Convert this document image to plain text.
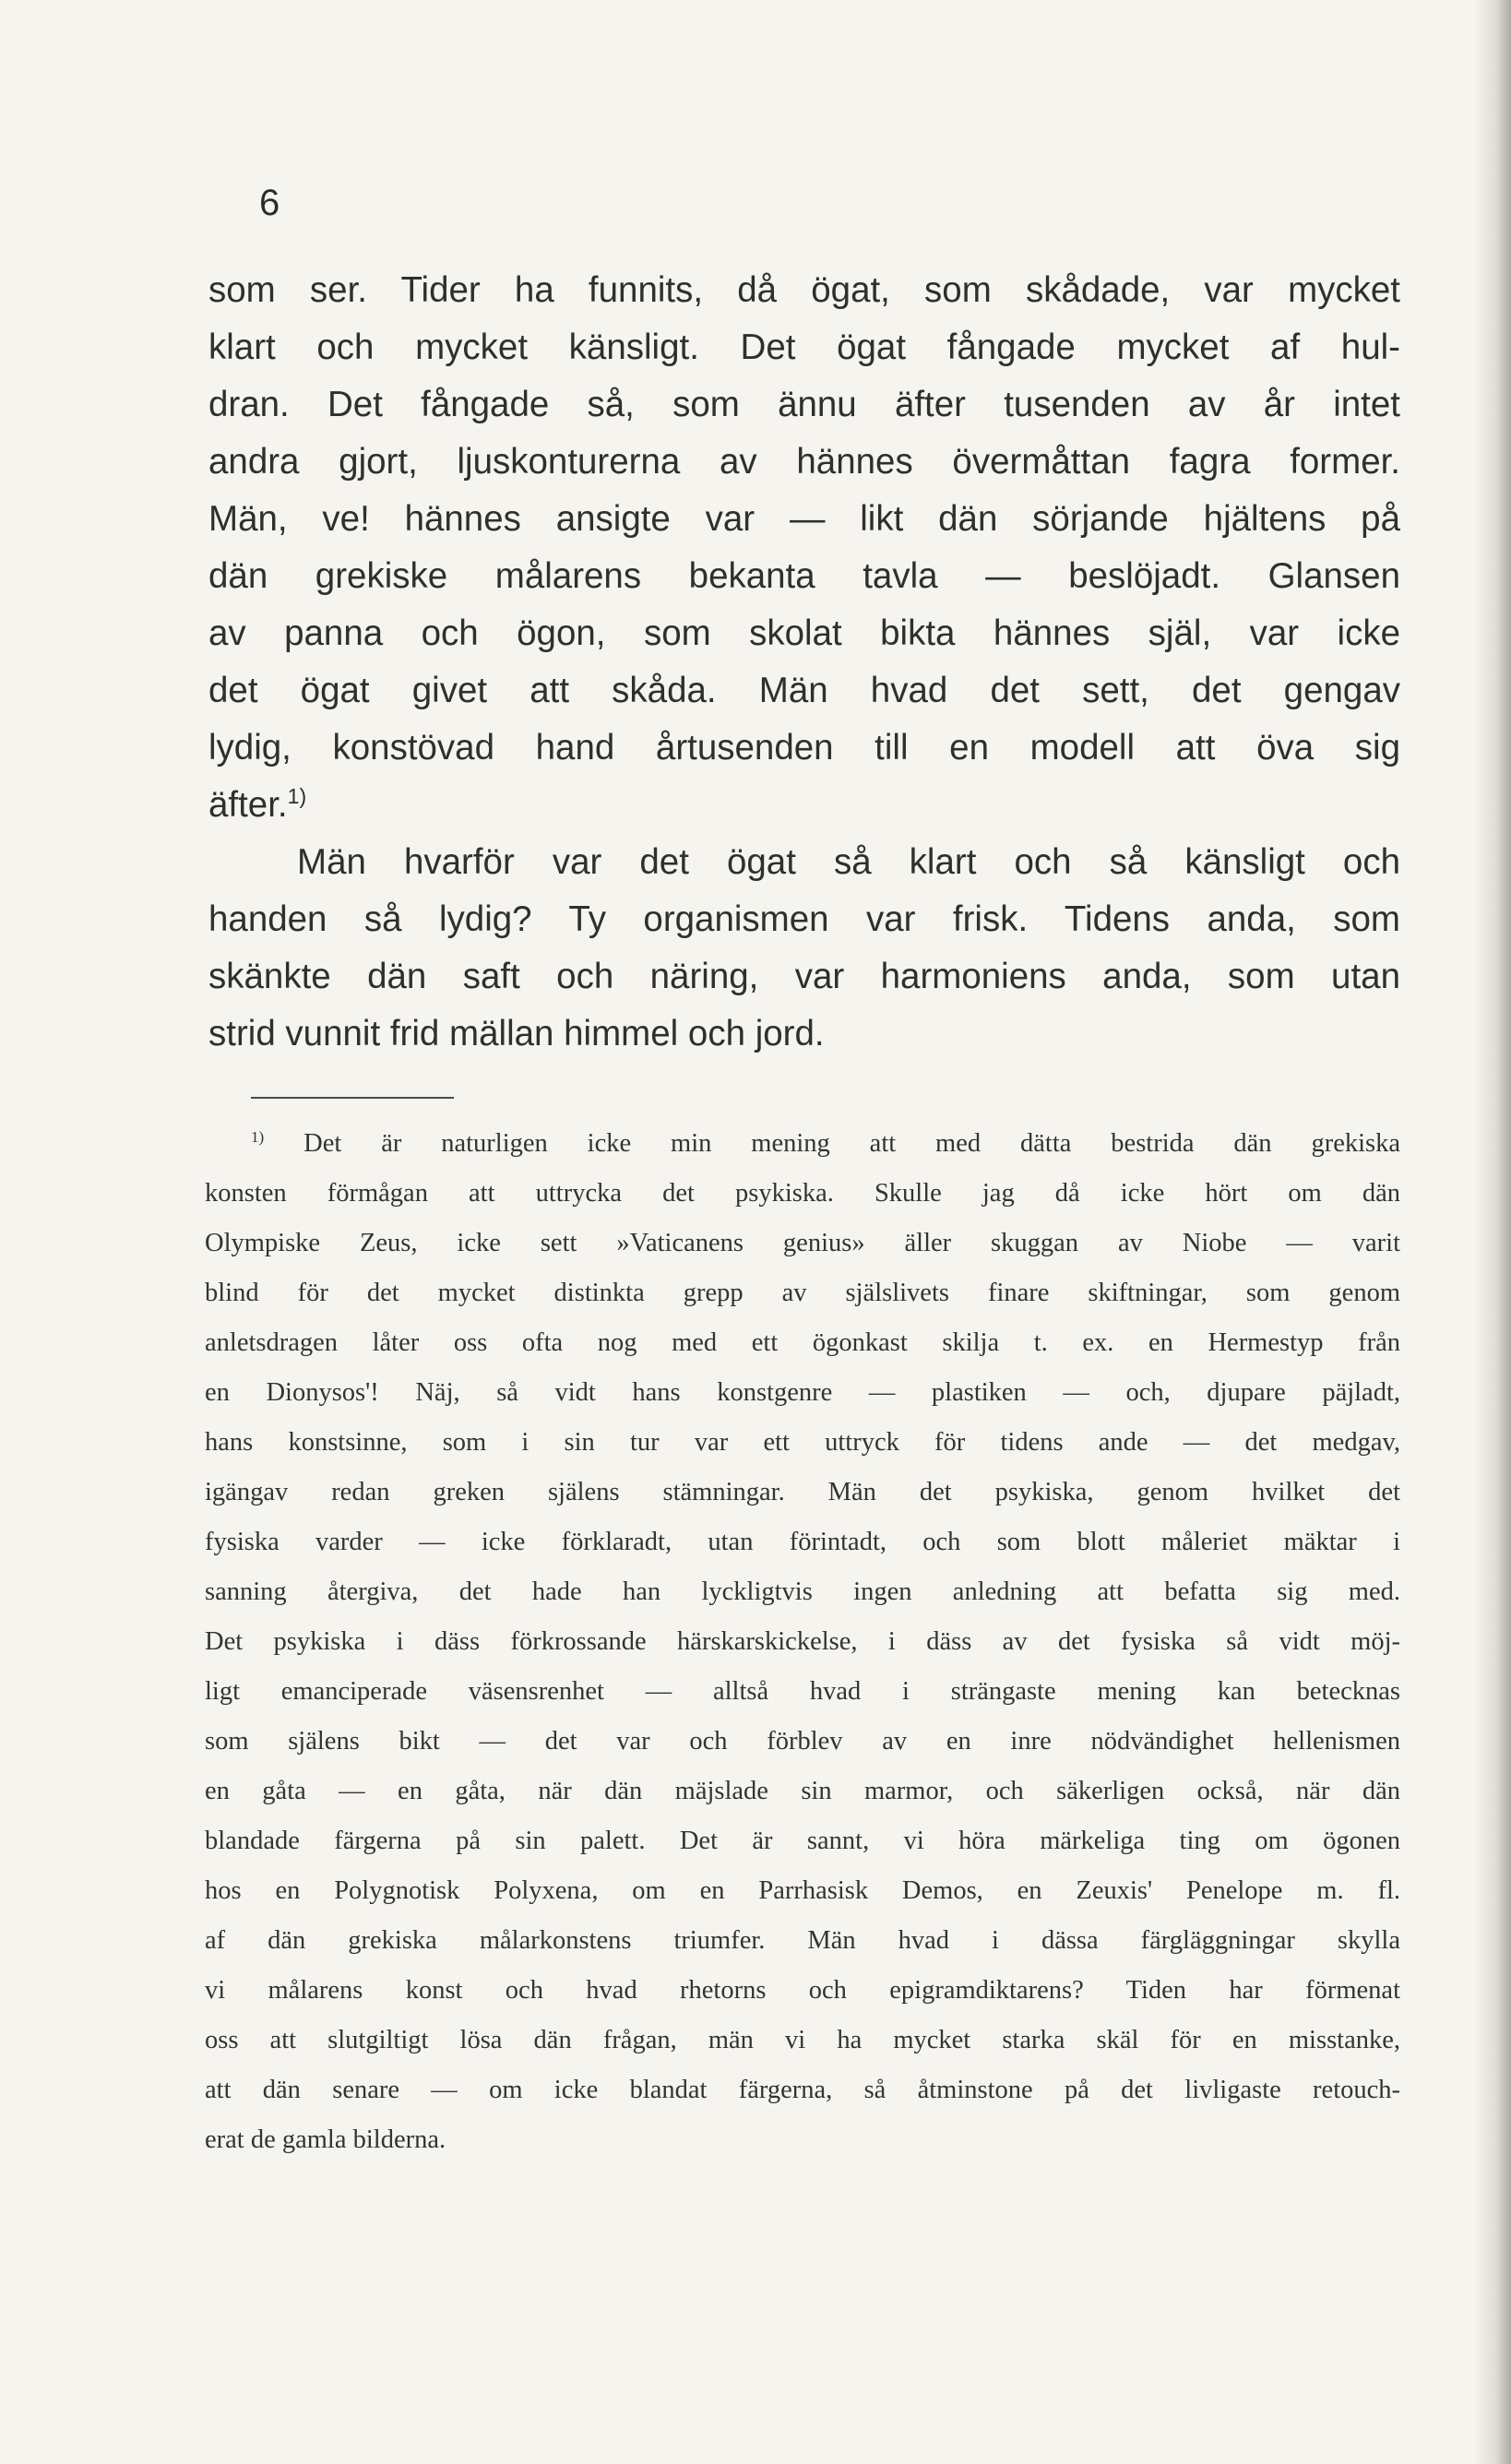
6
som ser. Tider ha funnits, då ögat, som skådade, var mycket
klart och mycket känsligt. Det ögat fångade mycket af hul-
dran. Det fångade så, som ännu äfter tusenden av år intet
andra gjort, ljuskonturerna av hännes övermåttan fagra former.
Män, ve! hännes ansigte var — likt dän sörjande hjältens på
dän grekiske målarens bekanta tavla — beslöjadt. Glansen
av panna och ögon, som skolat bikta hännes själ, var icke
det ögat givet att skåda. Män hvad det sett, det gengav
lydig, konstövad hand årtusenden till en modell att öva sig
äfter.$^{1)}$
Män hvarför var det ögat så klart och så känsligt och
handen så lydig? Ty organismen var frisk. Tidens anda, som
skänkte dän saft och näring, var harmoniens anda, som utan
strid vunnit frid mällan himmel och jord.
$^{1)}$ Det är naturligen icke min mening att med dätta bestrida dän grekiska
konsten förmågan att uttrycka det psykiska. Skulle jag då icke hört om dän
Olympiske Zeus, icke sett »Vaticanens genius» äller skuggan av Niobe — varit
blind för det mycket distinkta grepp av själslivets finare skiftningar, som genom
anletsdragen låter oss ofta nog med ett ögonkast skilja t. ex. en Hermestyp från
en Dionysos'! Näj, så vidt hans konstgenre — plastiken — och, djupare päjladt,
hans konstsinne, som i sin tur var ett uttryck för tidens ande — det medgav,
igängav redan greken själens stämningar. Män det psykiska, genom hvilket det
fysiska varder — icke förklaradt, utan förintadt, och som blott måleriet mäktar i
sanning återgiva, det hade han lyckligtvis ingen anledning att befatta sig med.
Det psykiska i däss förkrossande härskarskickelse, i däss av det fysiska så vidt möj-
ligt emanciperade väsensrenhet — alltså hvad i strängaste mening kan betecknas
som själens bikt — det var och förblev av en inre nödvändighet hellenismen
en gåta — en gåta, när dän mäjslade sin marmor, och säkerligen också, när dän
blandade färgerna på sin palett. Det är sannt, vi höra märkeliga ting om ögonen
hos en Polygnotisk Polyxena, om en Parrhasisk Demos, en Zeuxis' Penelope m. fl.
af dän grekiska målarkonstens triumfer. Män hvad i dässa färgläggningar skylla
vi målarens konst och hvad rhetorns och epigramdiktarens? Tiden har förmenat
oss att slutgiltigt lösa dän frågan, män vi ha mycket starka skäl för en misstanke,
att dän senare — om icke blandat färgerna, så åtminstone på det livligaste retouch-
erat de gamla bilderna.
